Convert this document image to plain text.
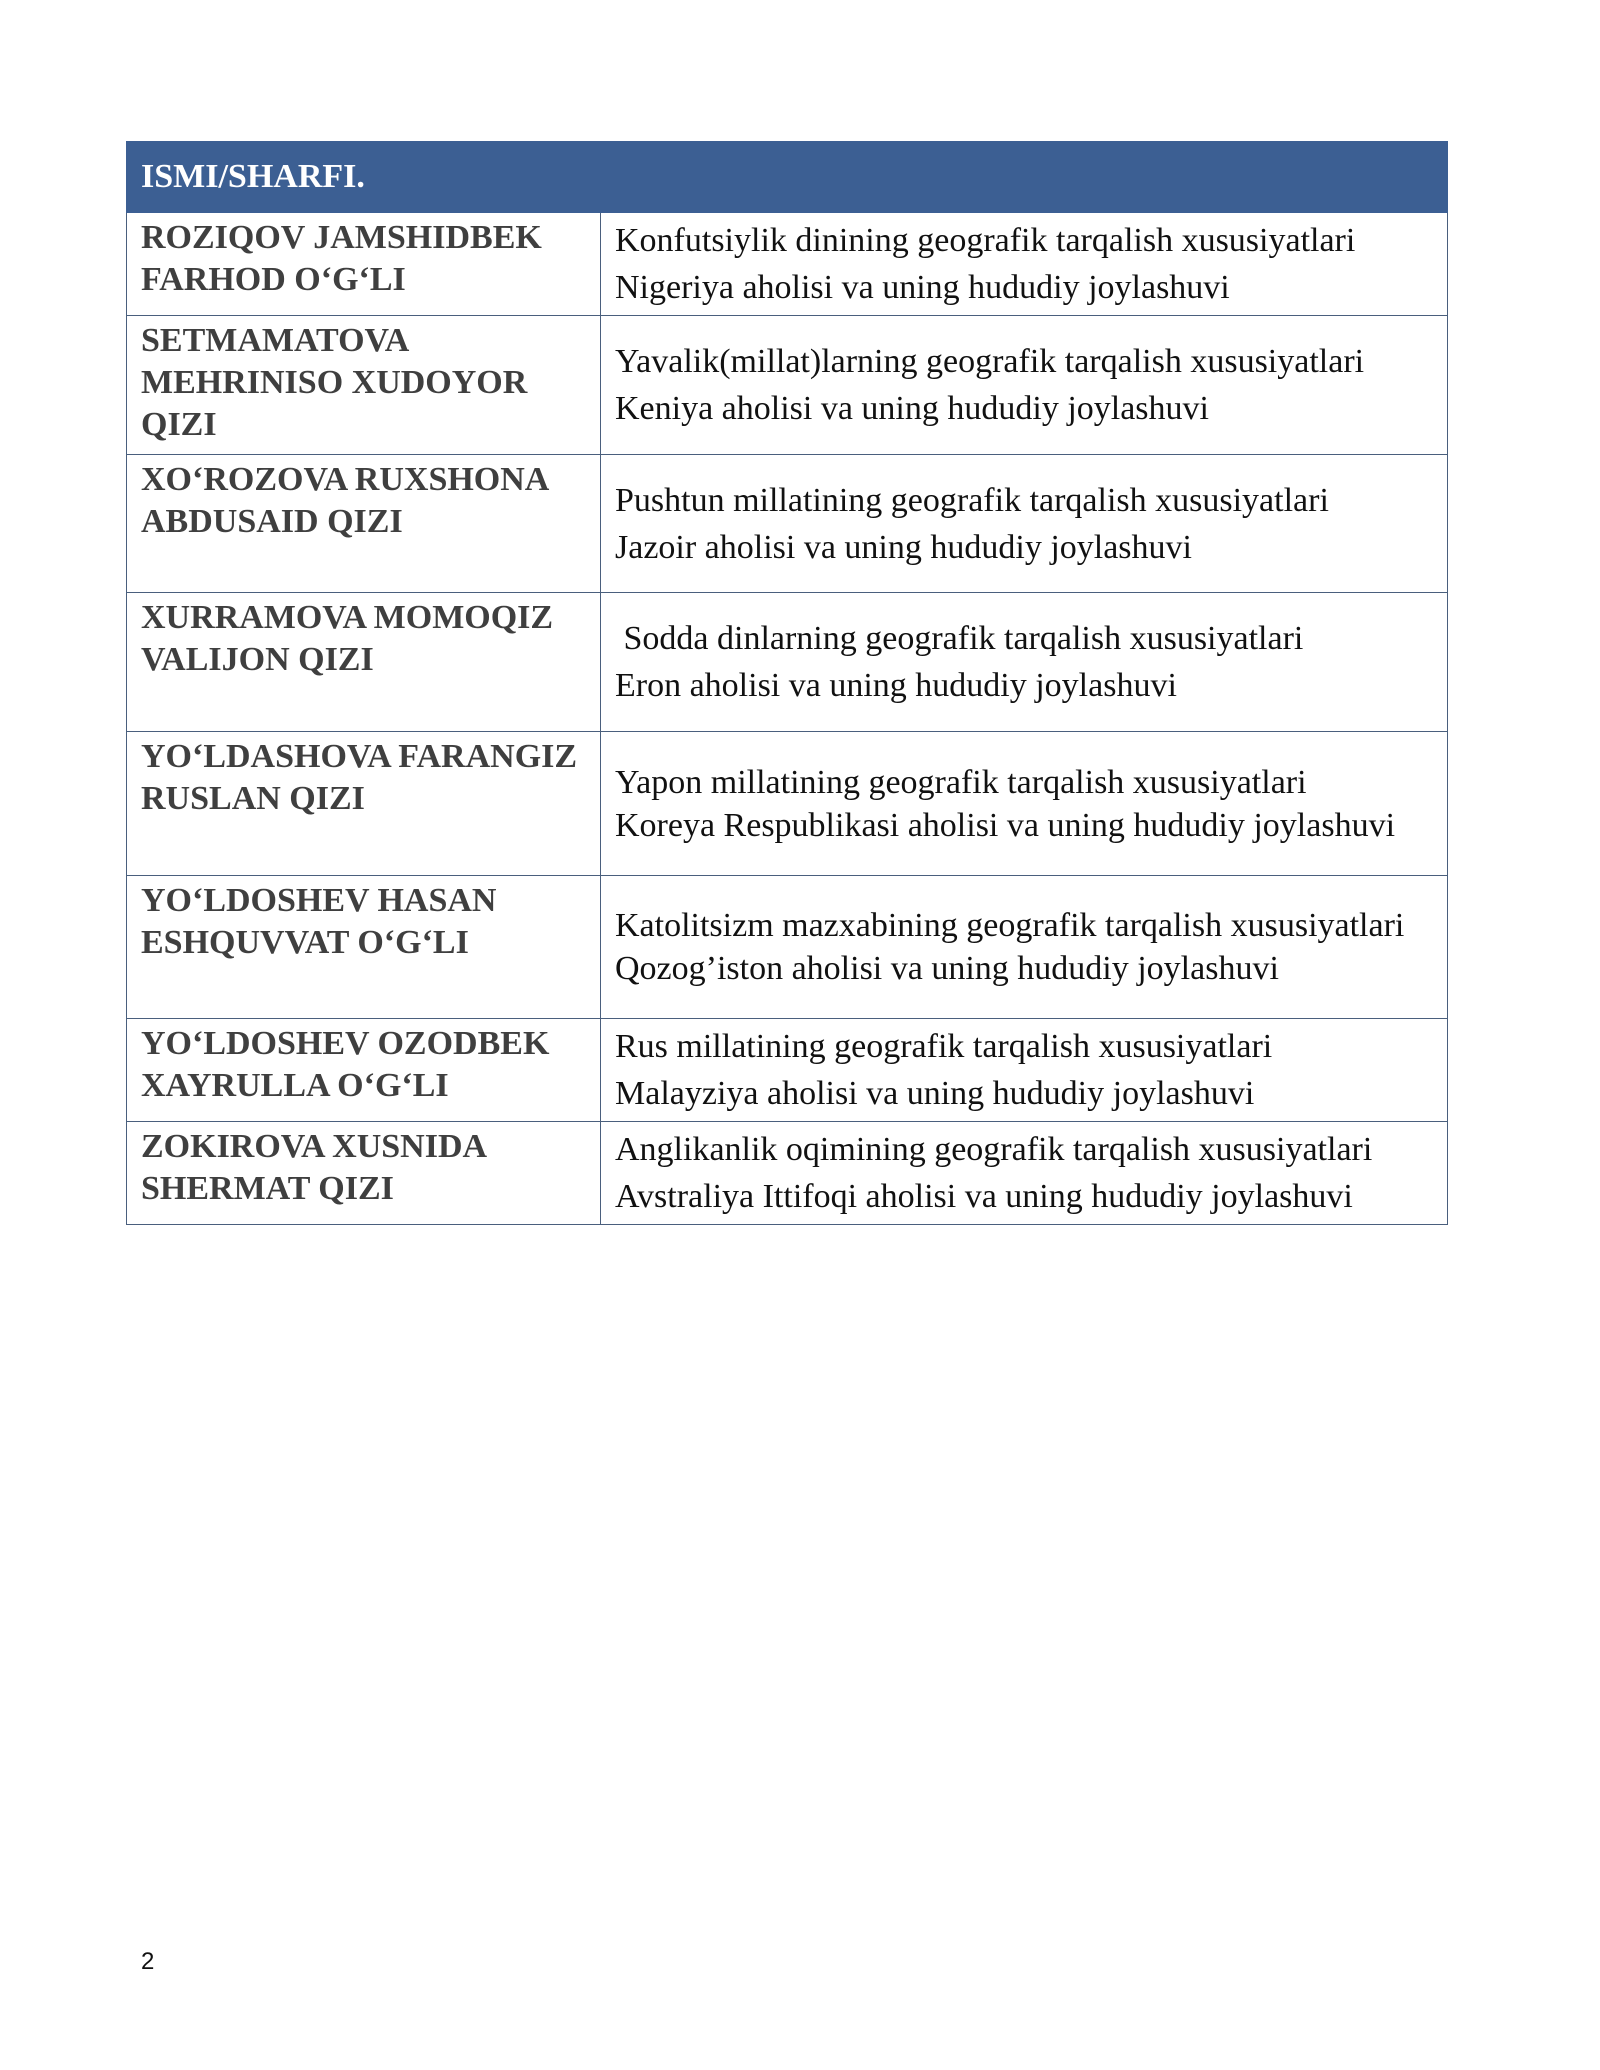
ISMI/SHARFI.	
ROZIQOV JAMSHIDBEK FARHOD O‘G‘LI	Konfutsiylik dinining geografik tarqalish xususiyatlari
Nigeriya aholisi va uning hududiy joylashuvi

SETMAMATOVA MEHRINISO XUDOYOR QIZI	Yavalik(millat)larning geografik tarqalish xususiyatlari
Keniya aholisi va uning hududiy joylashuvi

XO‘ROZOVA RUXSHONA ABDUSAID QIZI	Pushtun millatining geografik tarqalish xususiyatlari
Jazoir aholisi va uning hududiy joylashuvi

XURRAMOVA MOMOQIZ VALIJON QIZI	Sodda dinlarning geografik tarqalish xususiyatlari
Eron aholisi va uning hududiy joylashuvi

YO‘LDASHOVA FARANGIZ RUSLAN QIZI	Yapon millatining geografik tarqalish xususiyatlari
Koreya Respublikasi aholisi va uning hududiy joylashuvi

YO‘LDOSHEV HASAN ESHQUVVAT O‘G‘LI	Katolitsizm mazxabining geografik tarqalish xususiyatlari
Qozog’iston aholisi va uning hududiy joylashuvi

YO‘LDOSHEV OZODBEK XAYRULLA O‘G‘LI	Rus millatining geografik tarqalish xususiyatlari
Malayziya aholisi va uning hududiy joylashuvi

ZOKIROVA XUSNIDA SHERMAT QIZI	Anglikanlik oqimining geografik tarqalish xususiyatlari
Avstraliya Ittifoqi aholisi va uning hududiy joylashuvi
2
